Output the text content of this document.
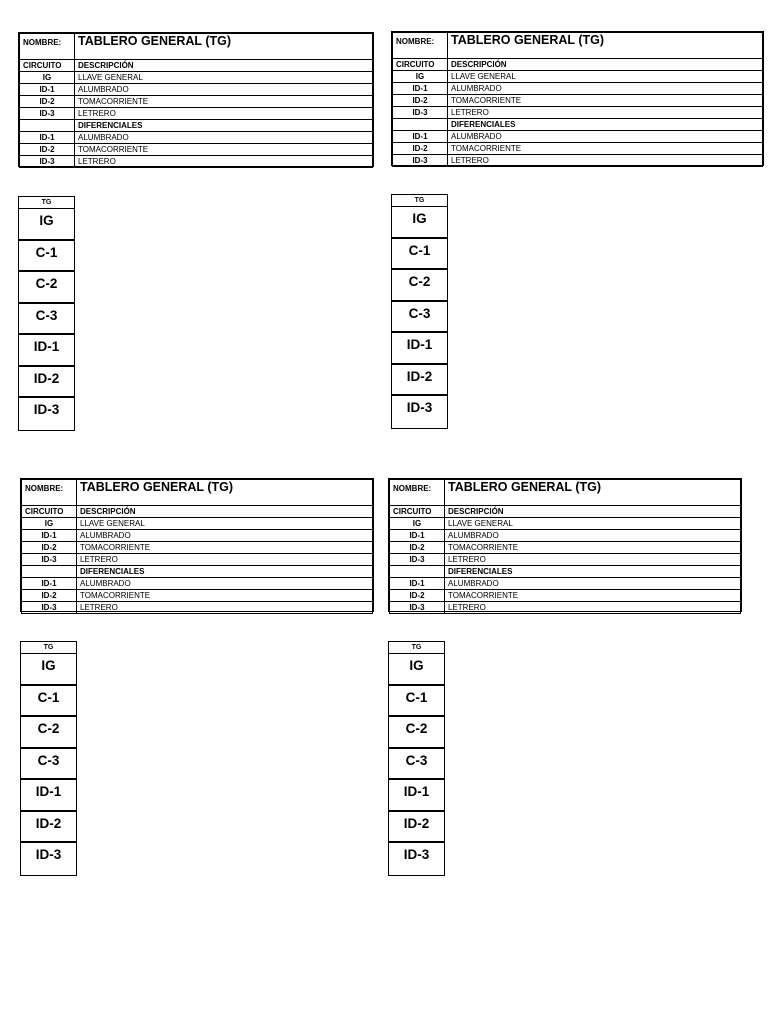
NOMBRE:	TABLERO GENERAL (TG)
CIRCUITO	DESCRIPCIÓN
IG	LLAVE GENERAL
ID-1	ALUMBRADO
ID-2	TOMACORRIENTE
ID-3	LETRERO
	DIFERENCIALES
ID-1	ALUMBRADO
ID-2	TOMACORRIENTE
ID-3	LETRERO
TG
IG
C-1
C-2
C-3
ID-1
ID-2
ID-3
NOMBRE:	TABLERO GENERAL (TG)
CIRCUITO	DESCRIPCIÓN
IG	LLAVE GENERAL
ID-1	ALUMBRADO
ID-2	TOMACORRIENTE
ID-3	LETRERO
	DIFERENCIALES
ID-1	ALUMBRADO
ID-2	TOMACORRIENTE
ID-3	LETRERO
TG
IG
C-1
C-2
C-3
ID-1
ID-2
ID-3
NOMBRE:	TABLERO GENERAL (TG)
CIRCUITO	DESCRIPCIÓN
IG	LLAVE GENERAL
ID-1	ALUMBRADO
ID-2	TOMACORRIENTE
ID-3	LETRERO
	DIFERENCIALES
ID-1	ALUMBRADO
ID-2	TOMACORRIENTE
ID-3	LETRERO
TG
IG
C-1
C-2
C-3
ID-1
ID-2
ID-3
NOMBRE:	TABLERO GENERAL (TG)
CIRCUITO	DESCRIPCIÓN
IG	LLAVE GENERAL
ID-1	ALUMBRADO
ID-2	TOMACORRIENTE
ID-3	LETRERO
	DIFERENCIALES
ID-1	ALUMBRADO
ID-2	TOMACORRIENTE
ID-3	LETRERO
TG
IG
C-1
C-2
C-3
ID-1
ID-2
ID-3
